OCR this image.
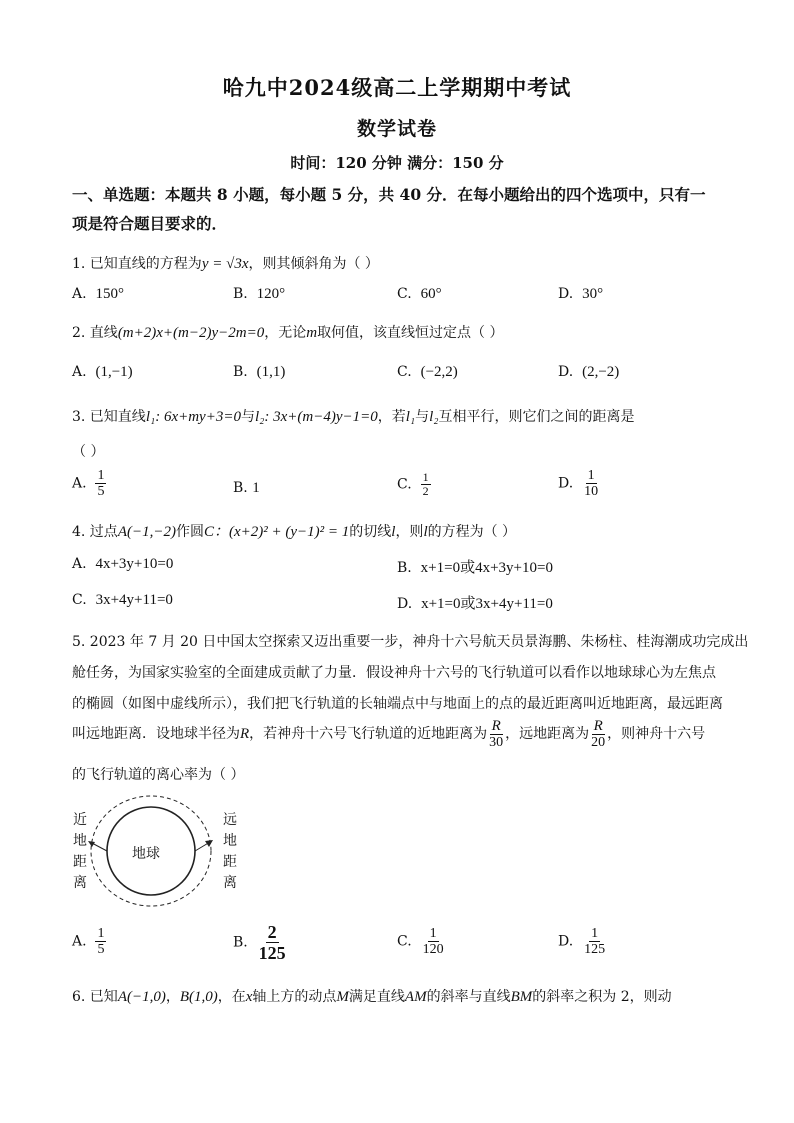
哈九中2024级高二上学期期中考试
数学试卷
时间：120 分钟 满分：150 分
一、单选题：本题共 8 小题，每小题 5 分，共 40 分．在每小题给出的四个选项中，只有一
项是符合题目要求的．
1. 已知直线的方程为y = √3x，则其倾斜角为（ ）
A. 150°	B. 120°	C. 60°	D. 30°
2. 直线(m+2)x+(m−2)y−2m=0，无论m取何值，该直线恒过定点（ ）
A. (1,−1)	B. (1,1)	C. (−2,2)	D. (2,−2)
3. 已知直线l₁: 6x+my+3=0与l₂: 3x+(m−4)y−1=0，若l₁与l₂互相平行，则它们之间的距离是
（ ）
A. $\frac{1}{5}$	B. 1	C. $\frac{1}{2}$	D. $\frac{1}{10}$
4. 过点A(−1,−2)作圆C：(x+2)² + (y−1)² = 1的切线l，则l的方程为（ ）
A. 4x+3y+10=0	B. x+1=0或4x+3y+10=0
C. 3x+4y+11=0	D. x+1=0或3x+4y+11=0
5. 2023 年 7 月 20 日中国太空探索又迈出重要一步，神舟十六号航天员景海鹏、朱杨柱、桂海潮成功完成出
舱任务，为国家实验室的全面建成贡献了力量．假设神舟十六号的飞行轨道可以看作以地球球心为左焦点
的椭圆（如图中虚线所示），我们把飞行轨道的长轴端点中与地面上的点的最近距离叫近地距离，最远距离
叫远地距离．设地球半径为R，若神舟十六号飞行轨道的近地距离为 $\frac{R}{30}$ ，远地距离为 $\frac{R}{20}$ ，则神舟十六号
的飞行轨道的离心率为（ ）
近地距离
远地距离
地球
A. $\frac{1}{5}$	B. $\frac{2}{125}$	C. $\frac{1}{120}$	D. $\frac{1}{125}$
6. 已知A(−1,0)，B(1,0)，在x轴上方的动点M满足直线AM的斜率与直线BM的斜率之积为 2，则动
